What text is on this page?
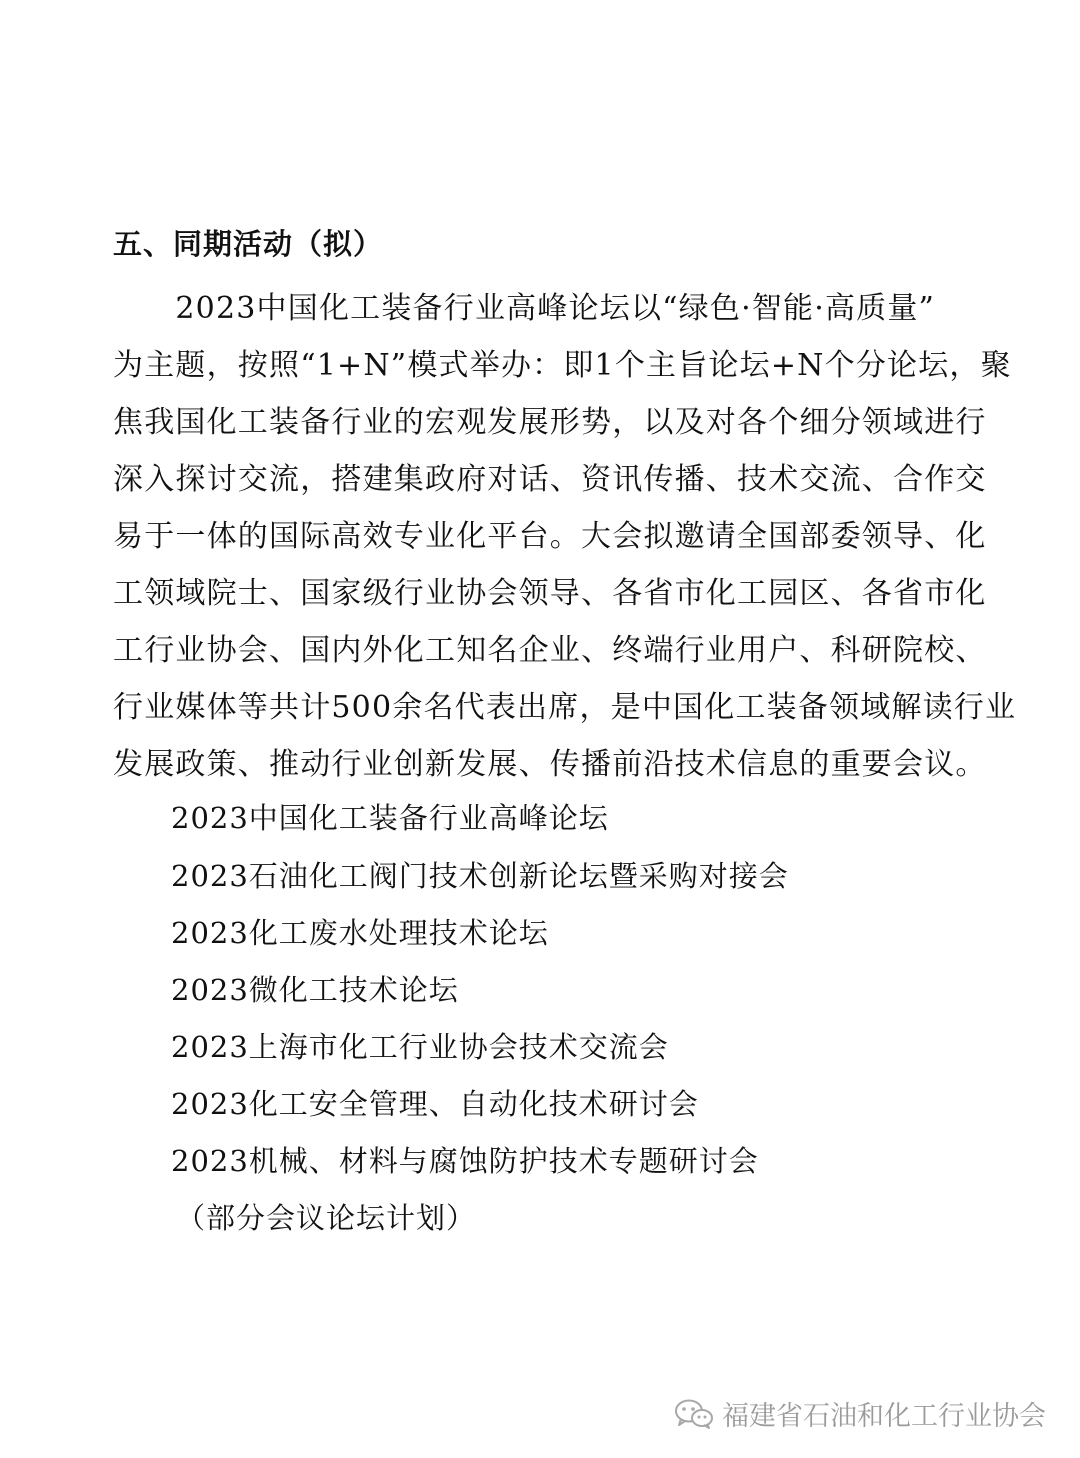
五、同期活动（拟）
　　2023中国化工装备行业高峰论坛以“绿色·智能·高质量”
为主题，按照“1+N”模式举办：即1个主旨论坛+N个分论坛，聚
焦我国化工装备行业的宏观发展形势，以及对各个细分领域进行
深入探讨交流，搭建集政府对话、资讯传播、技术交流、合作交
易于一体的国际高效专业化平台。大会拟邀请全国部委领导、化
工领域院士、国家级行业协会领导、各省市化工园区、各省市化
工行业协会、国内外化工知名企业、终端行业用户、科研院校、
行业媒体等共计500余名代表出席，是中国化工装备领域解读行业
发展政策、推动行业创新发展、传播前沿技术信息的重要会议。
2023中国化工装备行业高峰论坛
2023石油化工阀门技术创新论坛暨采购对接会
2023化工废水处理技术论坛
2023微化工技术论坛
2023上海市化工行业协会技术交流会
2023化工安全管理、自动化技术研讨会
2023机械、材料与腐蚀防护技术专题研讨会
（部分会议论坛计划）
福建省石油和化工行业协会
